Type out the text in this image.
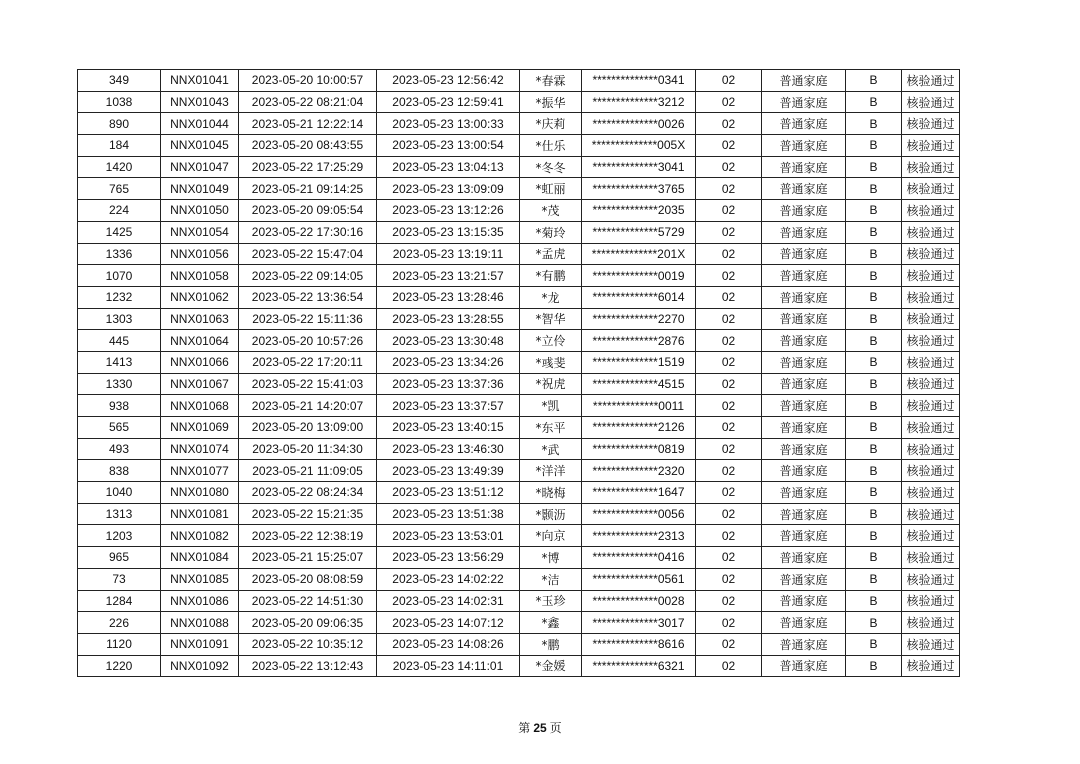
349	NNX01041	2023-05-20 10:00:57	2023-05-23 12:56:42	*春霖	**************0341	02	普通家庭	B	核验通过
1038	NNX01043	2023-05-22 08:21:04	2023-05-23 12:59:41	*振华	**************3212	02	普通家庭	B	核验通过
890	NNX01044	2023-05-21 12:22:14	2023-05-23 13:00:33	*庆莉	**************0026	02	普通家庭	B	核验通过
184	NNX01045	2023-05-20 08:43:55	2023-05-23 13:00:54	*仕乐	**************005X	02	普通家庭	B	核验通过
1420	NNX01047	2023-05-22 17:25:29	2023-05-23 13:04:13	*冬冬	**************3041	02	普通家庭	B	核验通过
765	NNX01049	2023-05-21 09:14:25	2023-05-23 13:09:09	*虹丽	**************3765	02	普通家庭	B	核验通过
224	NNX01050	2023-05-20 09:05:54	2023-05-23 13:12:26	*茂	**************2035	02	普通家庭	B	核验通过
1425	NNX01054	2023-05-22 17:30:16	2023-05-23 13:15:35	*菊玲	**************5729	02	普通家庭	B	核验通过
1336	NNX01056	2023-05-22 15:47:04	2023-05-23 13:19:11	*孟虎	**************201X	02	普通家庭	B	核验通过
1070	NNX01058	2023-05-22 09:14:05	2023-05-23 13:21:57	*有鹏	**************0019	02	普通家庭	B	核验通过
1232	NNX01062	2023-05-22 13:36:54	2023-05-23 13:28:46	*龙	**************6014	02	普通家庭	B	核验通过
1303	NNX01063	2023-05-22 15:11:36	2023-05-23 13:28:55	*智华	**************2270	02	普通家庭	B	核验通过
445	NNX01064	2023-05-20 10:57:26	2023-05-23 13:30:48	*立伶	**************2876	02	普通家庭	B	核验通过
1413	NNX01066	2023-05-22 17:20:11	2023-05-23 13:34:26	*彧斐	**************1519	02	普通家庭	B	核验通过
1330	NNX01067	2023-05-22 15:41:03	2023-05-23 13:37:36	*祝虎	**************4515	02	普通家庭	B	核验通过
938	NNX01068	2023-05-21 14:20:07	2023-05-23 13:37:57	*凯	**************0011	02	普通家庭	B	核验通过
565	NNX01069	2023-05-20 13:09:00	2023-05-23 13:40:15	*东平	**************2126	02	普通家庭	B	核验通过
493	NNX01074	2023-05-20 11:34:30	2023-05-23 13:46:30	*武	**************0819	02	普通家庭	B	核验通过
838	NNX01077	2023-05-21 11:09:05	2023-05-23 13:49:39	*洋洋	**************2320	02	普通家庭	B	核验通过
1040	NNX01080	2023-05-22 08:24:34	2023-05-23 13:51:12	*晓梅	**************1647	02	普通家庭	B	核验通过
1313	NNX01081	2023-05-22 15:21:35	2023-05-23 13:51:38	*颢沥	**************0056	02	普通家庭	B	核验通过
1203	NNX01082	2023-05-22 12:38:19	2023-05-23 13:53:01	*向京	**************2313	02	普通家庭	B	核验通过
965	NNX01084	2023-05-21 15:25:07	2023-05-23 13:56:29	*博	**************0416	02	普通家庭	B	核验通过
73	NNX01085	2023-05-20 08:08:59	2023-05-23 14:02:22	*洁	**************0561	02	普通家庭	B	核验通过
1284	NNX01086	2023-05-22 14:51:30	2023-05-23 14:02:31	*玉珍	**************0028	02	普通家庭	B	核验通过
226	NNX01088	2023-05-20 09:06:35	2023-05-23 14:07:12	*鑫	**************3017	02	普通家庭	B	核验通过
1120	NNX01091	2023-05-22 10:35:12	2023-05-23 14:08:26	*鹏	**************8616	02	普通家庭	B	核验通过
1220	NNX01092	2023-05-22 13:12:43	2023-05-23 14:11:01	*金媛	**************6321	02	普通家庭	B	核验通过
第 25 页
